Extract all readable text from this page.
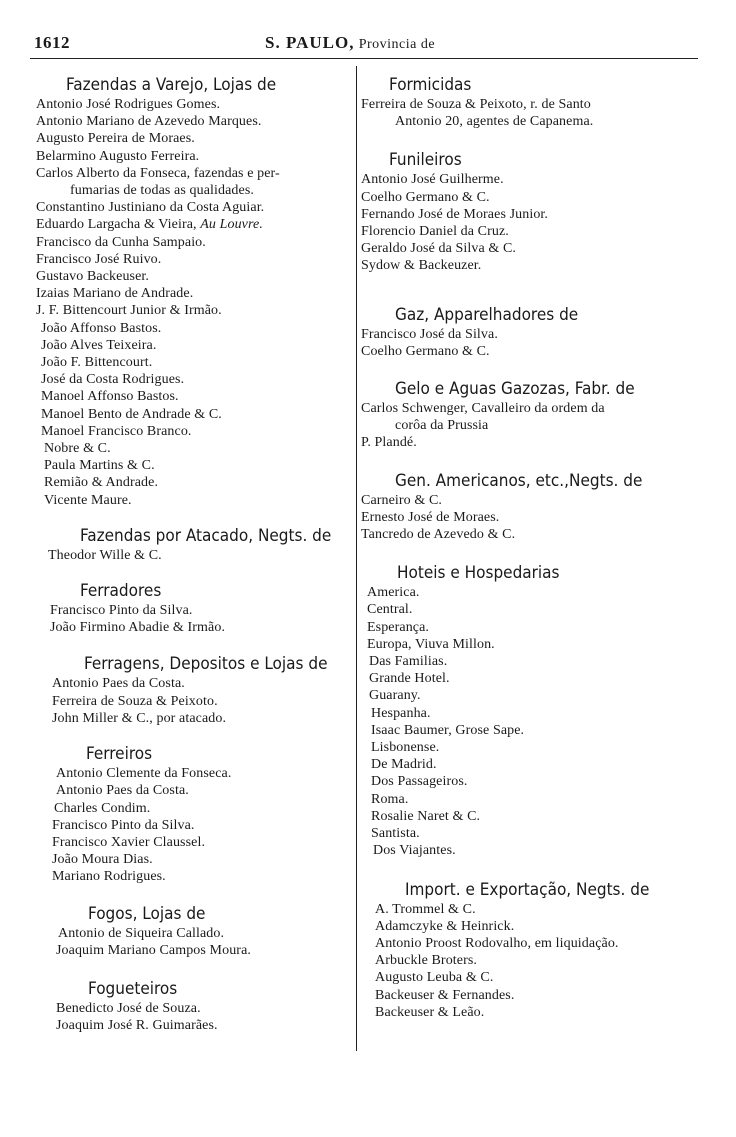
1612	S. PAULO, Provincia de
Fazendas a Varejo, Lojas de
Antonio José Rodrigues Gomes.
Antonio Mariano de Azevedo Marques.
Augusto Pereira de Moraes.
Belarmino Augusto Ferreira.
Carlos Alberto da Fonseca, fazendas e per-
fumarias de todas as qualidades.
Constantino Justiniano da Costa Aguiar.
Eduardo Largacha & Vieira, Au Louvre.
Francisco da Cunha Sampaio.
Francisco José Ruivo.
Gustavo Backeuser.
Izaias Mariano de Andrade.
J. F. Bittencourt Junior & Irmão.
João Affonso Bastos.
João Alves Teixeira.
João F. Bittencourt.
José da Costa Rodrigues.
Manoel Affonso Bastos.
Manoel Bento de Andrade & C.
Manoel Francisco Branco.
Nobre & C.
Paula Martins & C.
Remião & Andrade.
Vicente Maure.
Fazendas por Atacado, Negts. de
Theodor Wille & C.
Ferradores
Francisco Pinto da Silva.
João Firmino Abadie & Irmão.
Ferragens, Depositos e Lojas de
Antonio Paes da Costa.
Ferreira de Souza & Peixoto.
John Miller & C., por atacado.
Ferreiros
Antonio Clemente da Fonseca.
Antonio Paes da Costa.
Charles Condim.
Francisco Pinto da Silva.
Francisco Xavier Claussel.
João Moura Dias.
Mariano Rodrigues.
Fogos, Lojas de
Antonio de Siqueira Callado.
Joaquim Mariano Campos Moura.
Fogueteiros
Benedicto José de Souza.
Joaquim José R. Guimarães.
Formicidas
Ferreira de Souza & Peixoto, r. de Santo
Antonio 20, agentes de Capanema.
Funileiros
Antonio José Guilherme.
Coelho Germano & C.
Fernando José de Moraes Junior.
Florencio Daniel da Cruz.
Geraldo José da Silva & C.
Sydow & Backeuzer.
Gaz, Apparelhadores de
Francisco José da Silva.
Coelho Germano & C.
Gelo e Aguas Gazozas, Fabr. de
Carlos Schwenger, Cavalleiro da ordem da
corôa da Prussia
P. Plandé.
Gen. Americanos, etc.,Negts. de
Carneiro & C.
Ernesto José de Moraes.
Tancredo de Azevedo & C.
Hoteis e Hospedarias
America.
Central.
Esperança.
Europa, Viuva Millon.
Das Familias.
Grande Hotel.
Guarany.
Hespanha.
Isaac Baumer, Grose Sape.
Lisbonense.
De Madrid.
Dos Passageiros.
Roma.
Rosalie Naret & C.
Santista.
Dos Viajantes.
Import. e Exportação, Negts. de
A. Trommel & C.
Adamczyke & Heinrick.
Antonio Proost Rodovalho, em liquidação.
Arbuckle Broters.
Augusto Leuba & C.
Backeuser & Fernandes.
Backeuser & Leão.
